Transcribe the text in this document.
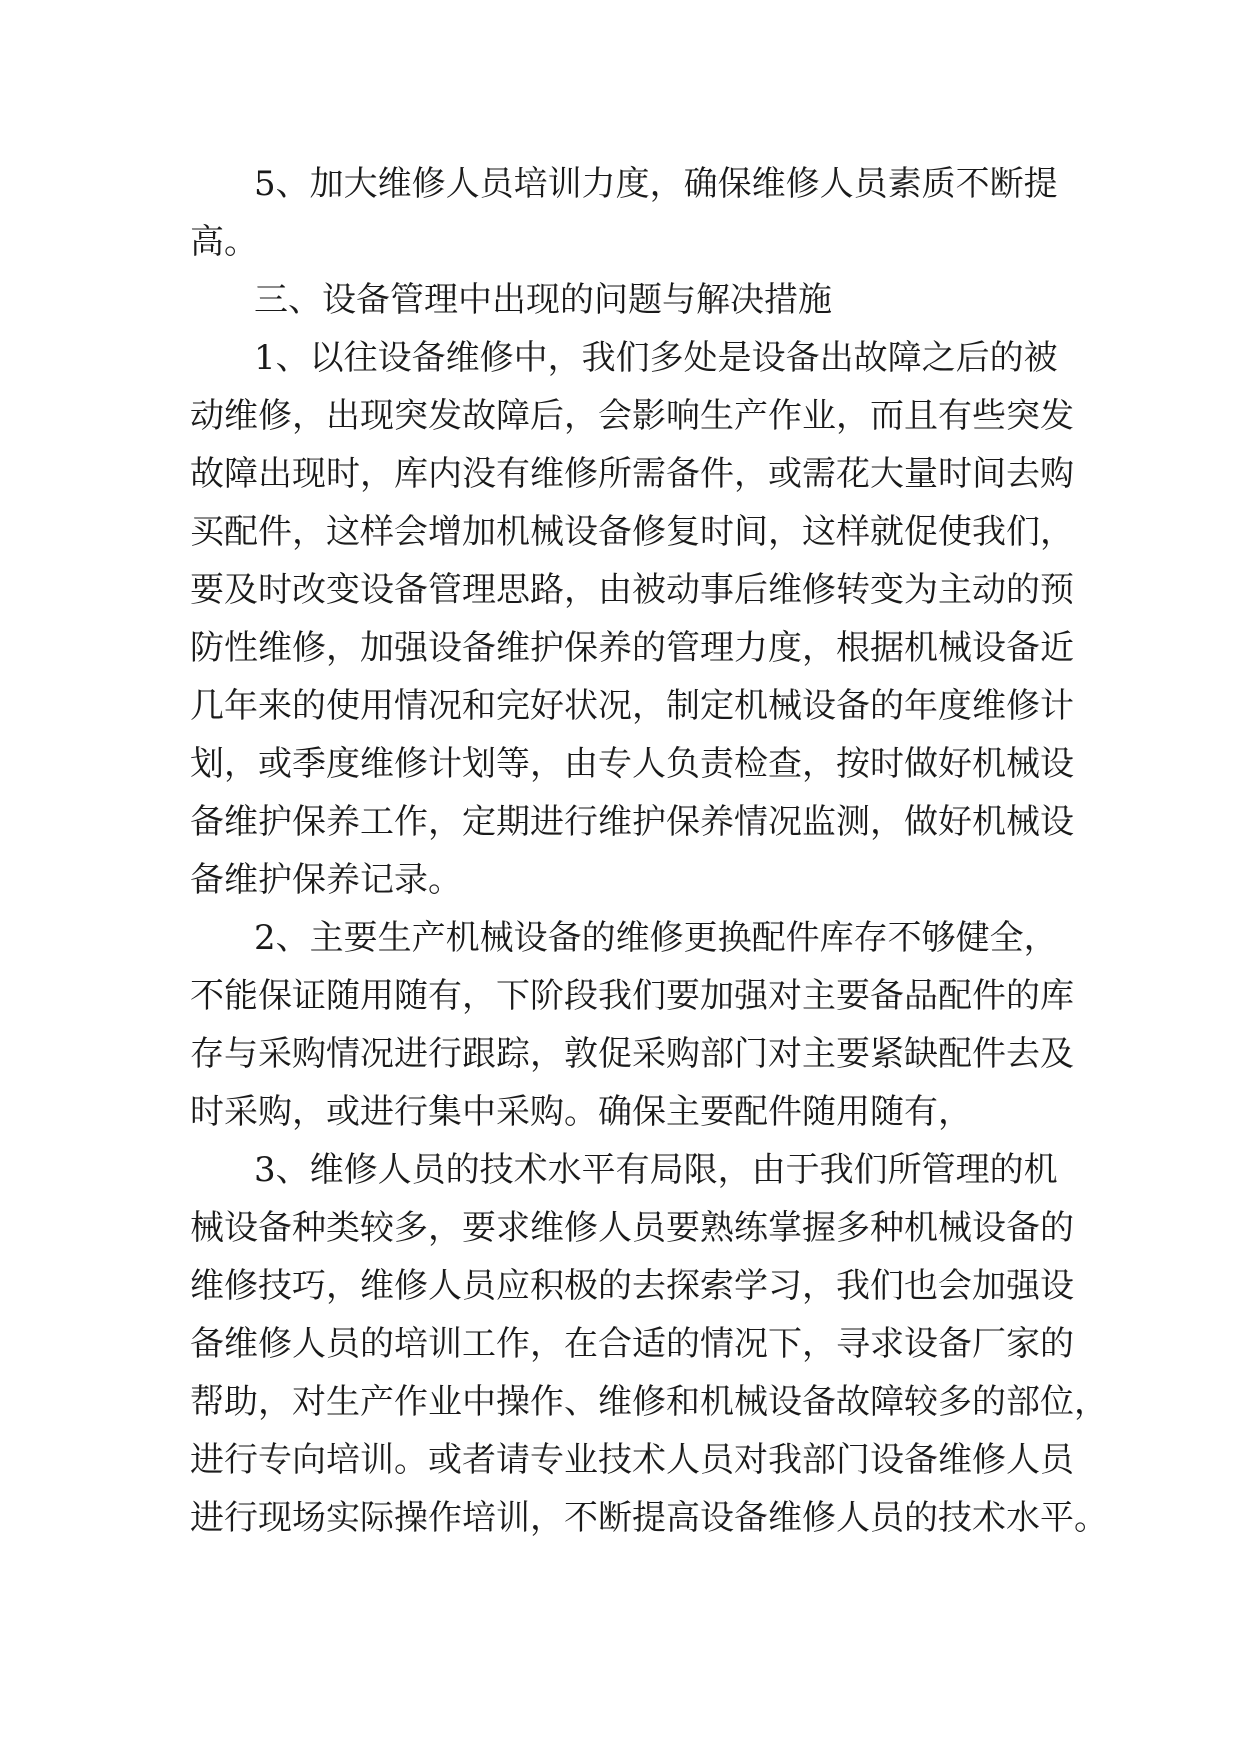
5、加大维修人员培训力度，确保维修人员素质不断提
高。
三、设备管理中出现的问题与解决措施
1、以往设备维修中，我们多处是设备出故障之后的被
动维修，出现突发故障后，会影响生产作业，而且有些突发
故障出现时，库内没有维修所需备件，或需花大量时间去购
买配件，这样会增加机械设备修复时间，这样就促使我们，
要及时改变设备管理思路，由被动事后维修转变为主动的预
防性维修，加强设备维护保养的管理力度，根据机械设备近
几年来的使用情况和完好状况，制定机械设备的年度维修计
划，或季度维修计划等，由专人负责检查，按时做好机械设
备维护保养工作，定期进行维护保养情况监测，做好机械设
备维护保养记录。
2、主要生产机械设备的维修更换配件库存不够健全，
不能保证随用随有，下阶段我们要加强对主要备品配件的库
存与采购情况进行跟踪，敦促采购部门对主要紧缺配件去及
时采购，或进行集中采购。确保主要配件随用随有，
3、维修人员的技术水平有局限，由于我们所管理的机
械设备种类较多，要求维修人员要熟练掌握多种机械设备的
维修技巧，维修人员应积极的去探索学习，我们也会加强设
备维修人员的培训工作，在合适的情况下，寻求设备厂家的
帮助，对生产作业中操作、维修和机械设备故障较多的部位，
进行专向培训。或者请专业技术人员对我部门设备维修人员
进行现场实际操作培训，不断提高设备维修人员的技术水平。
